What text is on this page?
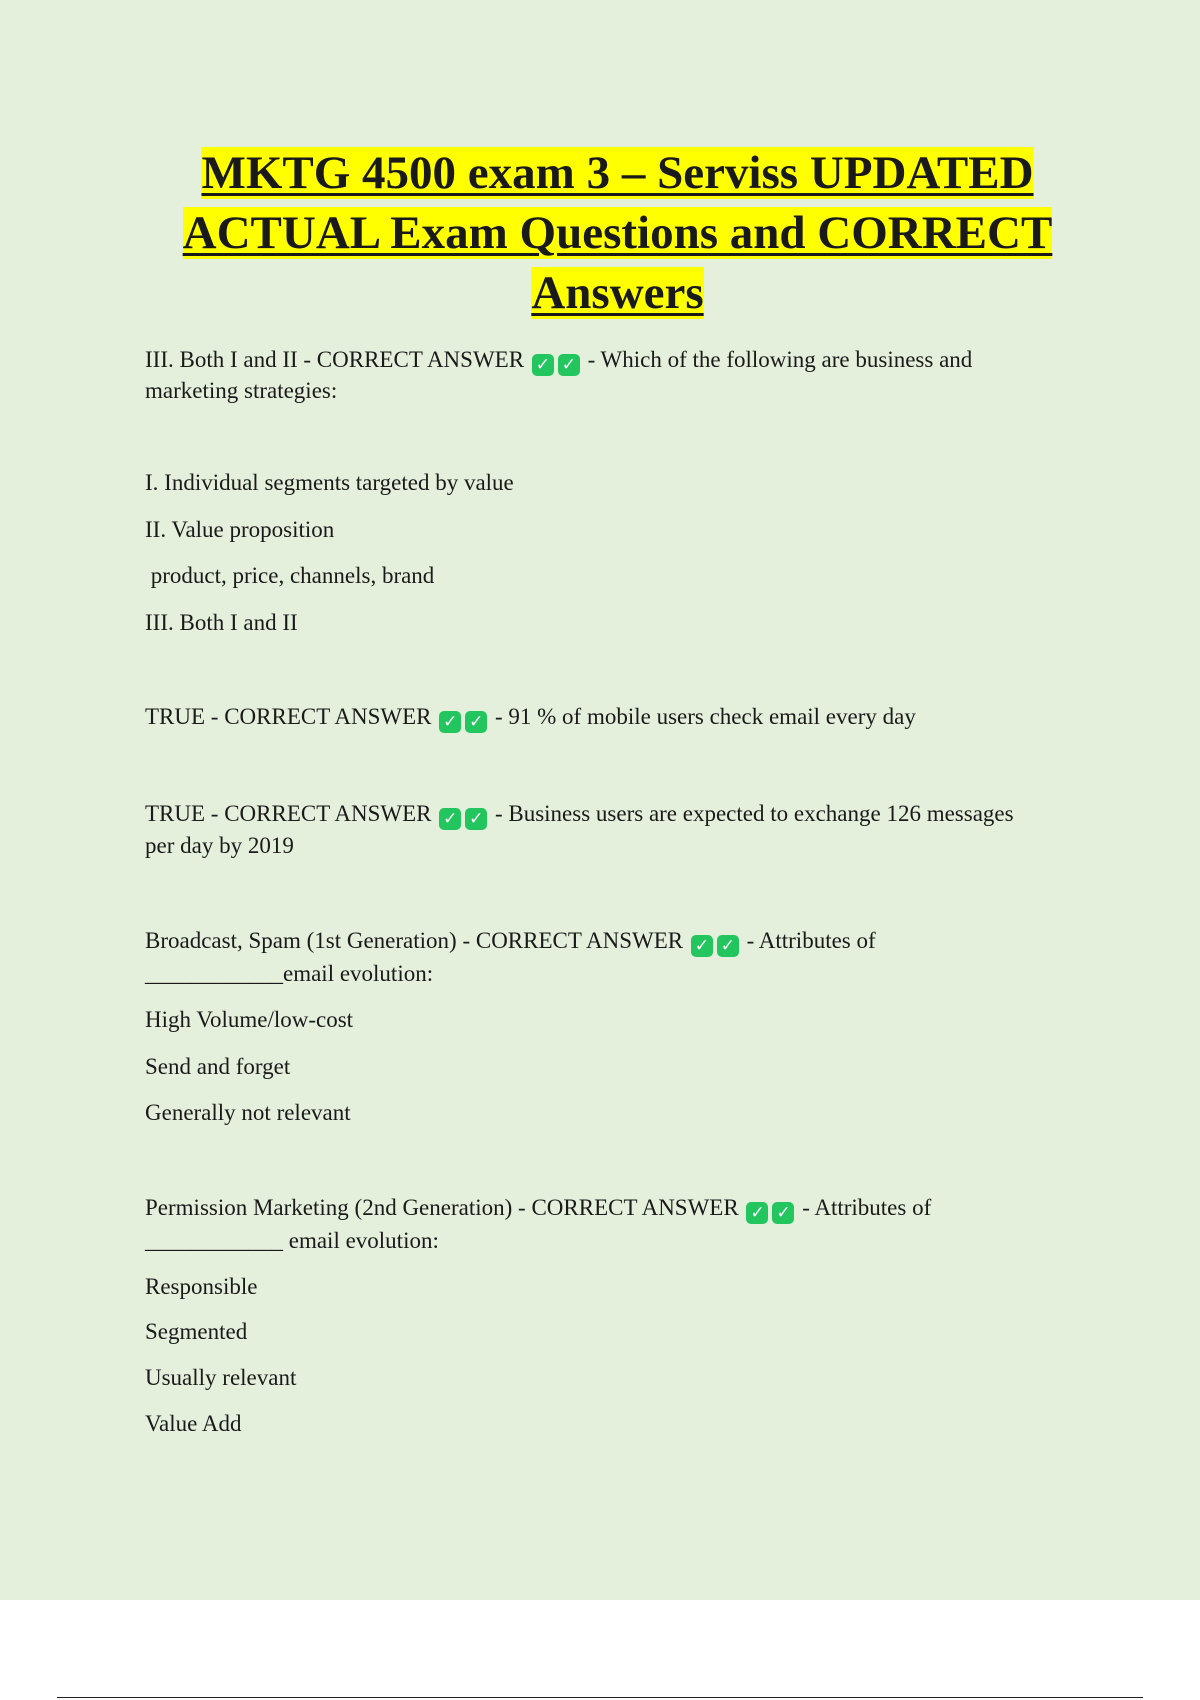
MKTG 4500 exam 3 – Serviss UPDATED
ACTUAL Exam Questions and CORRECT
Answers
III. Both I and II - CORRECT ANSWER ✓ ✓ - Which of the following are business and
marketing strategies:
I. Individual segments targeted by value
II. Value proposition
product, price, channels, brand
III. Both I and II
TRUE - CORRECT ANSWER ✓ ✓ - 91 % of mobile users check email every day
TRUE - CORRECT ANSWER ✓ ✓ - Business users are expected to exchange 126 messages
per day by 2019
Broadcast, Spam (1st Generation) - CORRECT ANSWER ✓ ✓ - Attributes of
____________email evolution:
High Volume/low-cost
Send and forget
Generally not relevant
Permission Marketing (2nd Generation) - CORRECT ANSWER ✓ ✓ - Attributes of
____________ email evolution:
Responsible
Segmented
Usually relevant
Value Add
